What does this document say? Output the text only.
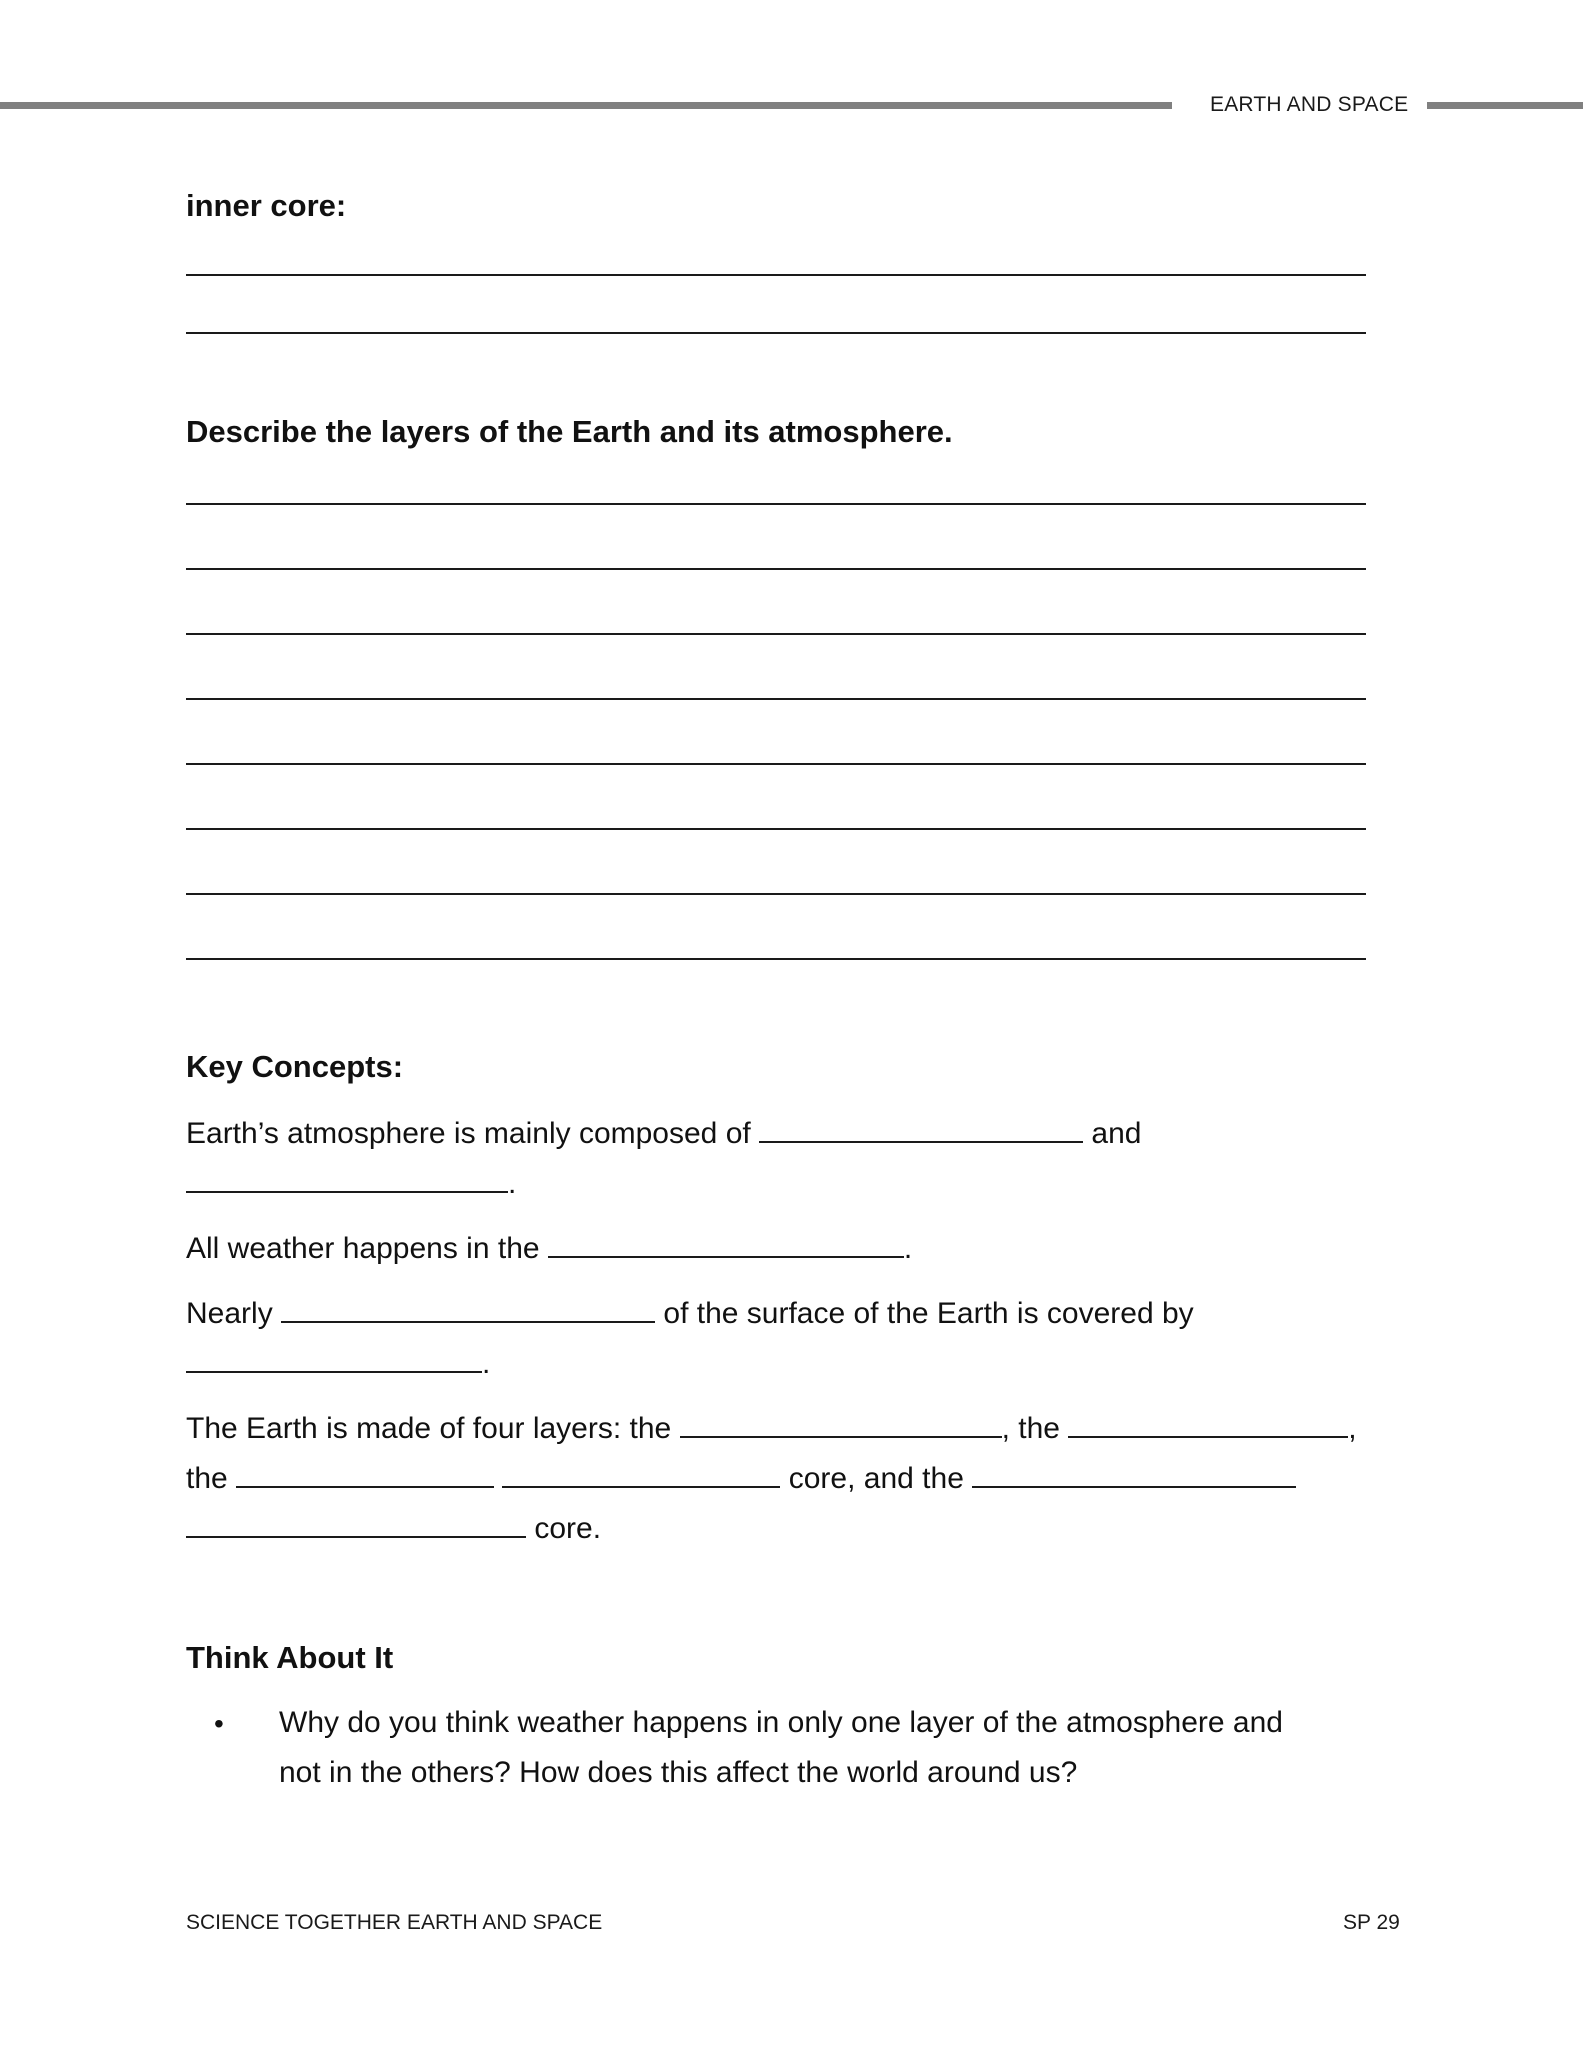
EARTH AND SPACE
inner core:
Describe the layers of the Earth and its atmosphere.
Key Concepts:
Earth’s atmosphere is mainly composed of	and
.
All weather happens in the	.
Nearly	of the surface of the Earth is covered by
.
The Earth is made of four layers: the	, the	,
the	core, and the
core.
Think About It
• Why do you think weather happens in only one layer of the atmosphere and
not in the others? How does this affect the world around us?
SCIENCE TOGETHER EARTH AND SPACE	SP 29
